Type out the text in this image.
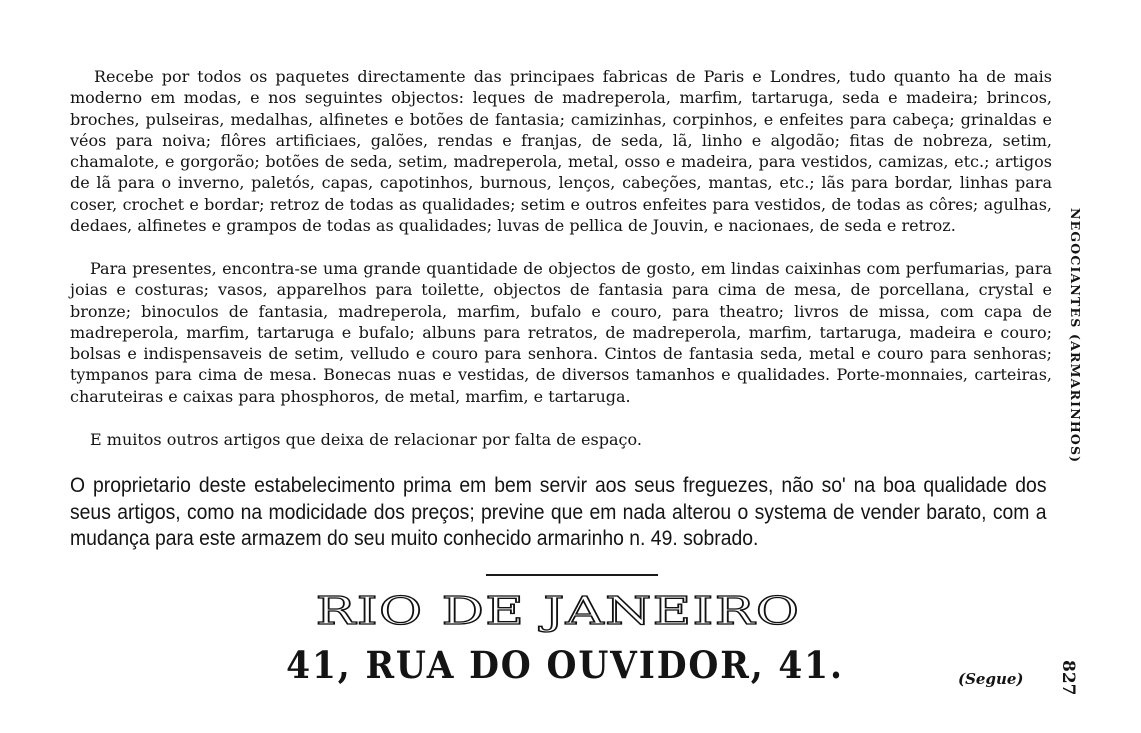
Recebe por todos os paquetes directamente das principaes fabricas de Paris e Londres, tudo quanto ha de mais moderno em modas, e nos seguintes objectos: leques de madreperola, marfim, tartaruga, seda e madeira; brincos, broches, pulseiras, medalhas, alfinetes e botões de fantasia; camizinhas, corpinhos, e enfeites para cabeça; grinaldas e véos para noiva; flôres artificiaes, galões, rendas e franjas, de seda, lã, linho e algodão; fitas de nobreza, setim, chamalote, e gorgorão; botões de seda, setim, madreperola, metal, osso e madeira, para vestidos, camizas, etc.; artigos de lã para o inverno, paletós, capas, capotinhos, burnous, lenços, cabeções, mantas, etc.; lãs para bordar, linhas para coser, crochet e bordar; retroz de todas as qualidades; setim e outros enfeites para vestidos, de todas as côres; agulhas, dedaes, alfinetes e grampos de todas as qualidades; luvas de pellica de Jouvin, e nacionaes, de seda e retroz.

Para presentes, encontra-se uma grande quantidade de objectos de gosto, em lindas caixinhas com perfumarias, para joias e costuras; vasos, apparelhos para toilette, objectos de fantasia para cima de mesa, de porcellana, crystal e bronze; binoculos de fantasia, madreperola, marfim, bufalo e couro, para theatro; livros de missa, com capa de madreperola, marfim, tartaruga e bufalo; albuns para retratos, de madreperola, marfim, tartaruga, madeira e couro; bolsas e indispensaveis de setim, velludo e couro para senhora. Cintos de fantasia seda, metal e couro para senhoras; tympanos para cima de mesa. Bonecas nuas e vestidas, de diversos tamanhos e qualidades. Porte-monnaies, carteiras, charuteiras e caixas para phosphoros, de metal, marfim, e tartaruga.

E muitos outros artigos que deixa de relacionar por falta de espaço.

O proprietario deste estabelecimento prima em bem servir aos seus freguezes, não so' na boa qualidade dos seus artigos, como na modicidade dos preços; previne que em nada alterou o systema de vender barato, com a mudança para este armazem do seu muito conhecido armarinho n. 49. sobrado.

RIO DE JANEIRO
41, RUA DO OUVIDOR, 41.	(Segue)
NEGOCIANTES (ARMARINHOS)
827
